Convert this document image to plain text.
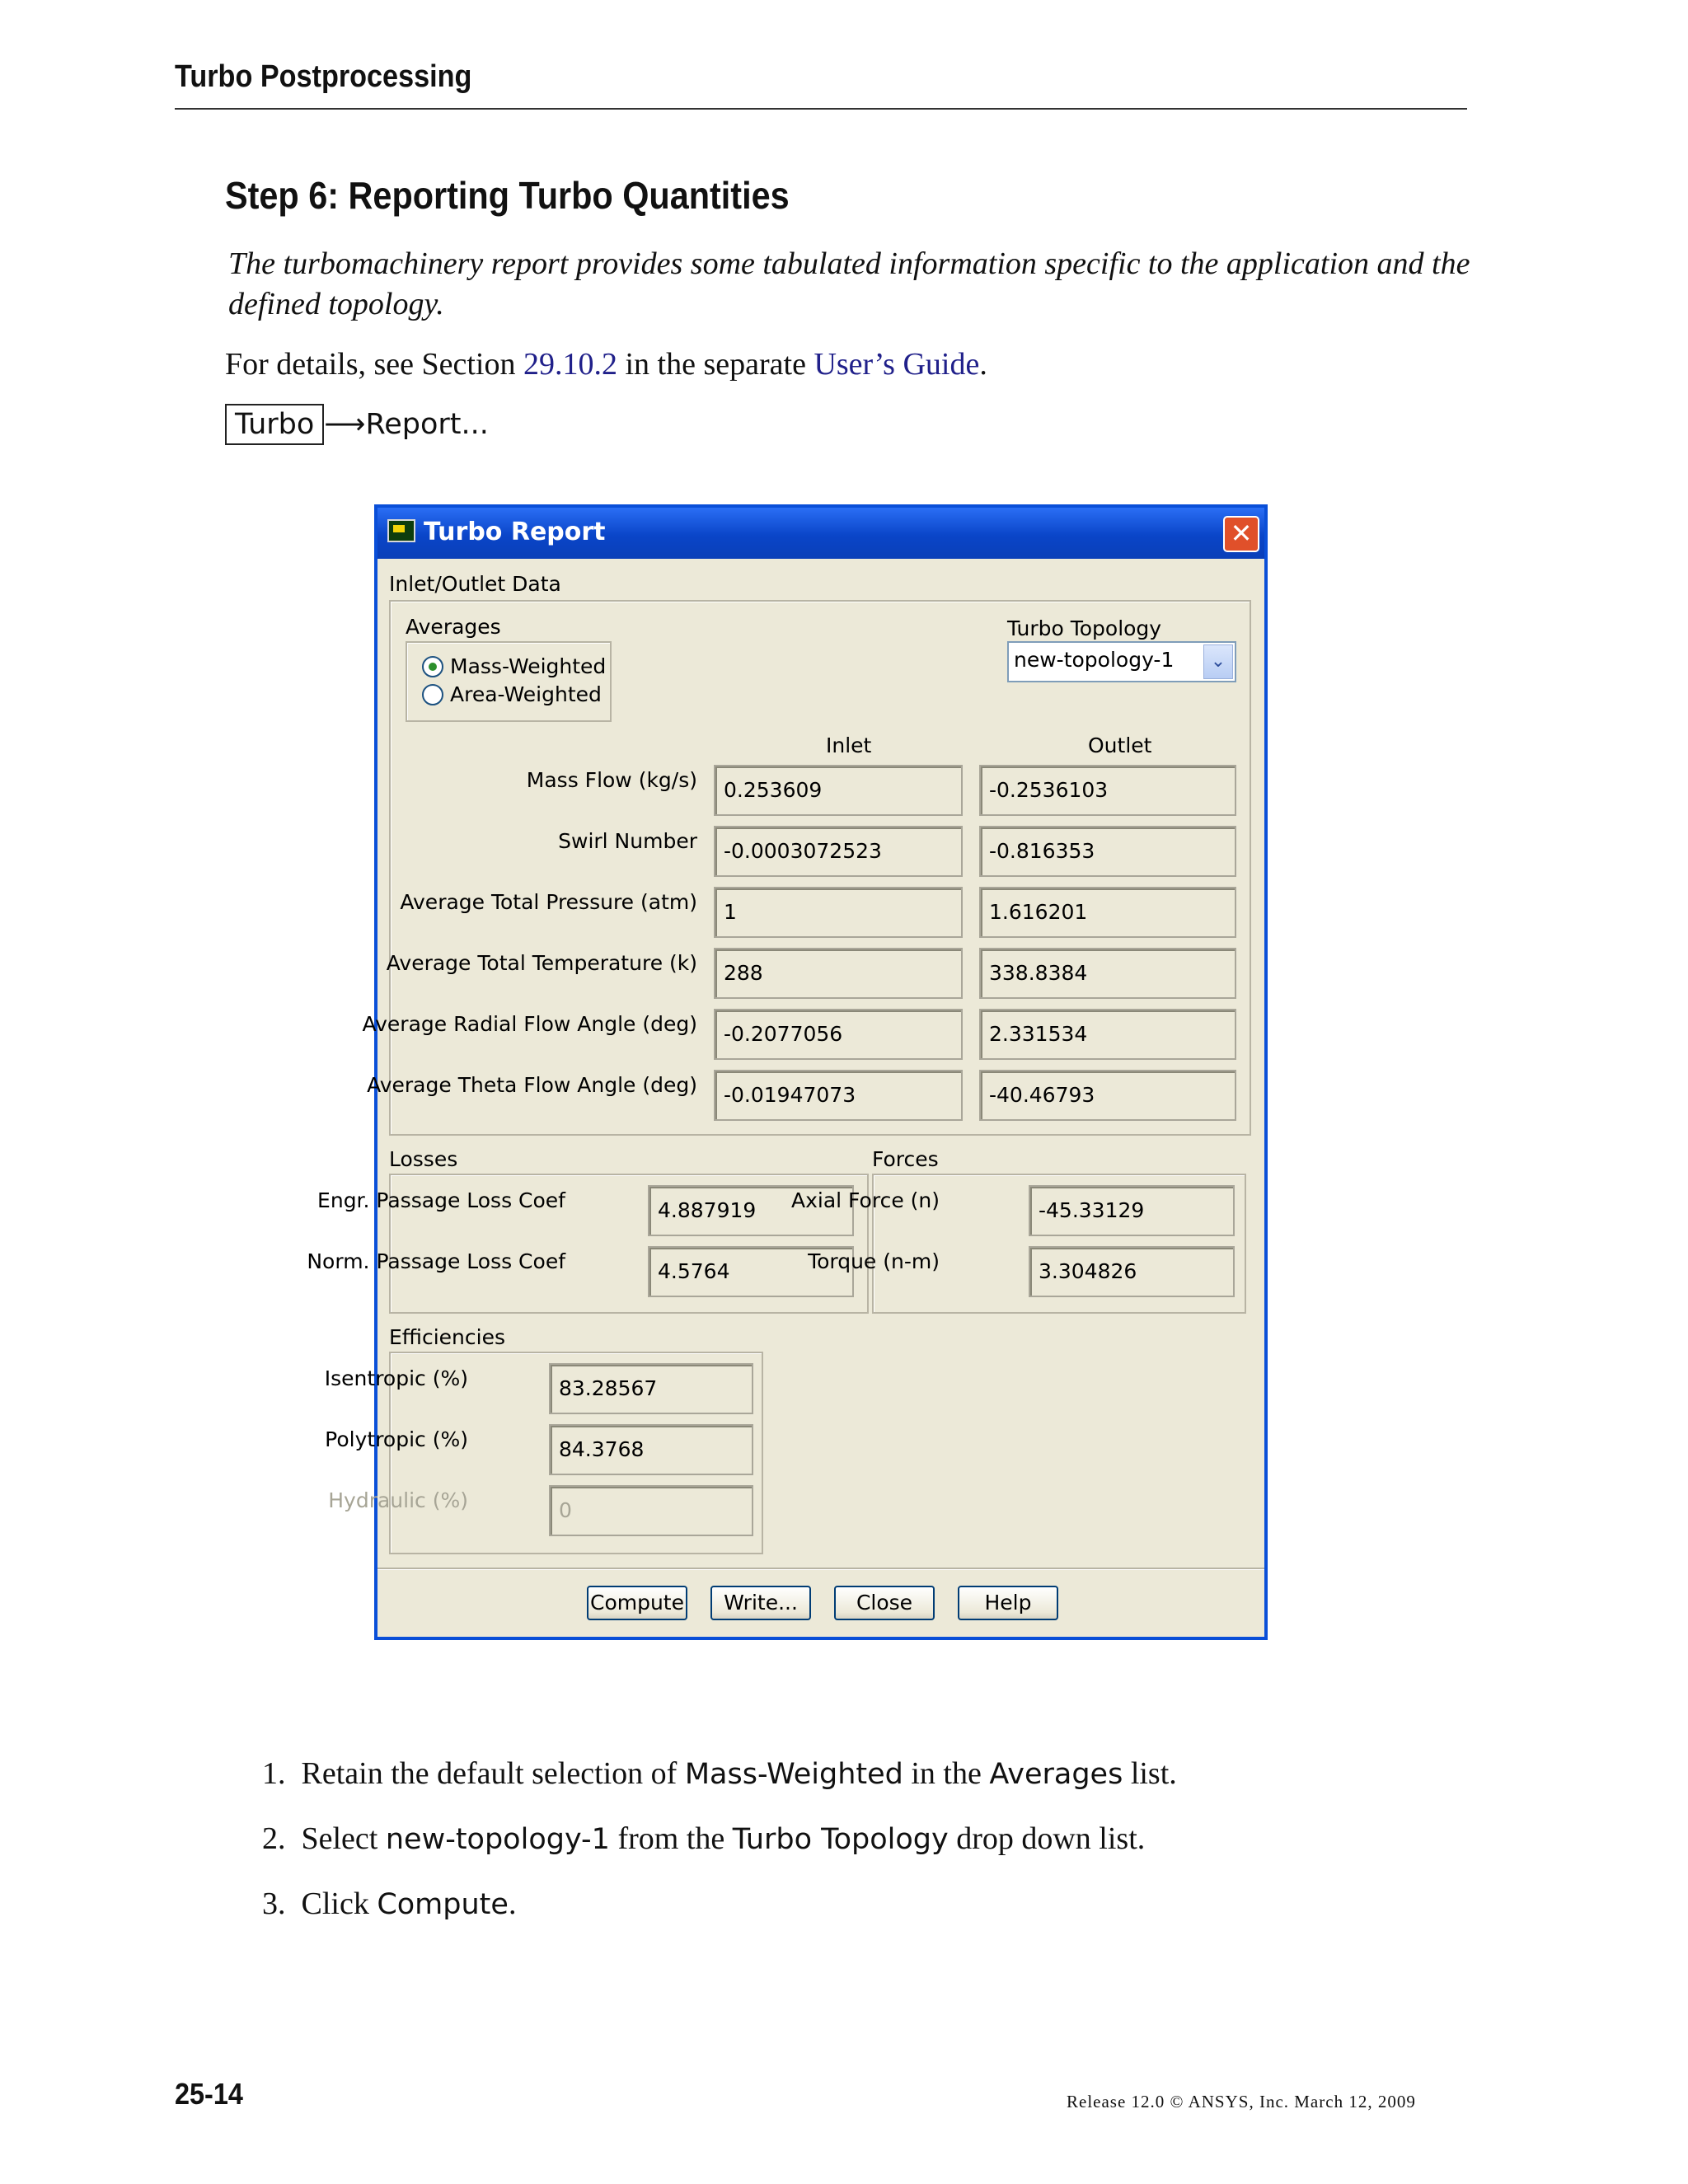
Turbo Postprocessing
Step 6: Reporting Turbo Quantities
The turbomachinery report provides some tabulated information specific to the application and the defined topology.
For details, see Section 29.10.2 in the separate User’s Guide.
Turbo ⟶ Report...
Turbo Report	✕
Inlet/Outlet Data
Averages
Mass-Weighted
Area-Weighted
Turbo Topology
new-topology-1	⌄
Inlet	Outlet
Mass Flow (kg/s) 0.253609	-0.2536103
Swirl Number -0.0003072523	-0.816353
Average Total Pressure (atm) 1	1.616201
Average Total Temperature (k) 288	338.8384
Average Radial Flow Angle (deg) -0.2077056	2.331534
Average Theta Flow Angle (deg) -0.01947073	-40.46793
Losses
Engr. Passage Loss Coef	4.887919
Norm. Passage Loss Coef	4.5764
Forces
Axial Force (n)	-45.33129
Torque (n-m)	3.304826
Efficiencies
Isentropic (%)	83.28567
Polytropic (%)	84.3768
Hydraulic (%)	0
Compute	Write...	Close	Help
1. Retain the default selection of Mass-Weighted in the Averages list.
2. Select new-topology-1 from the Turbo Topology drop down list.
3. Click Compute.
25-14	Release 12.0 © ANSYS, Inc. March 12, 2009
